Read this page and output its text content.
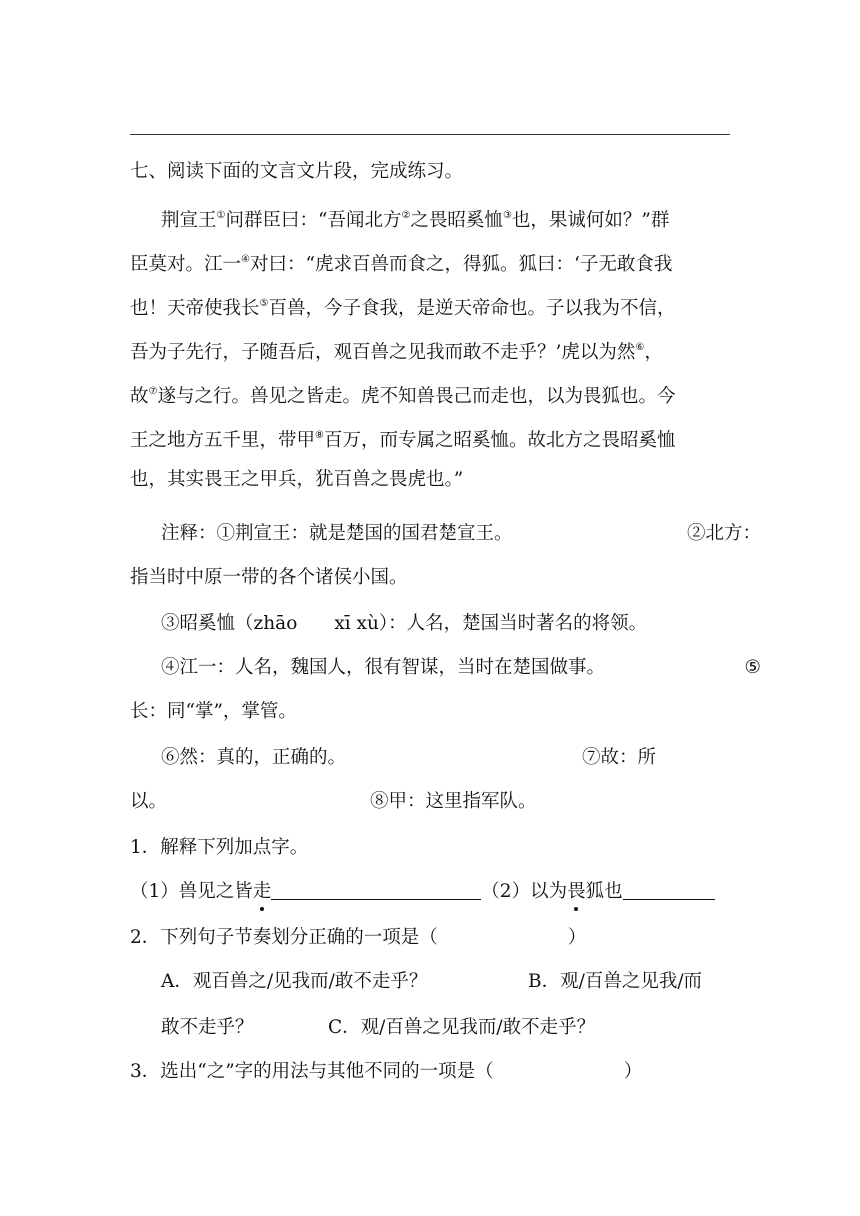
七、阅读下面的文言文片段，完成练习。
荆宣王①问群臣曰：“吾闻北方②之畏昭奚恤③也，果诚何如？”群
臣莫对。江一④对曰：“虎求百兽而食之，得狐。狐曰：‘子无敢食我
也！天帝使我长⑤百兽，今子食我，是逆天帝命也。子以我为不信，
吾为子先行，子随吾后，观百兽之见我而敢不走乎？’虎以为然⑥，
故⑦遂与之行。兽见之皆走。虎不知兽畏己而走也，以为畏狐也。今
王之地方五千里，带甲⑧百万，而专属之昭奚恤。故北方之畏昭奚恤
也，其实畏王之甲兵，犹百兽之畏虎也。”
注释：①荆宣王：就是楚国的国君楚宣王。	②北方：
指当时中原一带的各个诸侯小国。
③昭奚恤（zhāo　　xī xù）：人名，楚国当时著名的将领。
④江一：人名，魏国人，很有智谋，当时在楚国做事。	⑤
长：同“掌”，掌管。
⑥然：真的，正确的。	⑦故：所
以。	⑧甲：这里指军队。
1．解释下列加点字。
（1）兽见之皆走	（2）以为畏狐也
2．下列句子节奏划分正确的一项是（	）
A．观百兽之/见我而/敢不走乎？	B．观/百兽之见我/而
敢不走乎？	C．观/百兽之见我而/敢不走乎？
3．选出“之”字的用法与其他不同的一项是（	）
